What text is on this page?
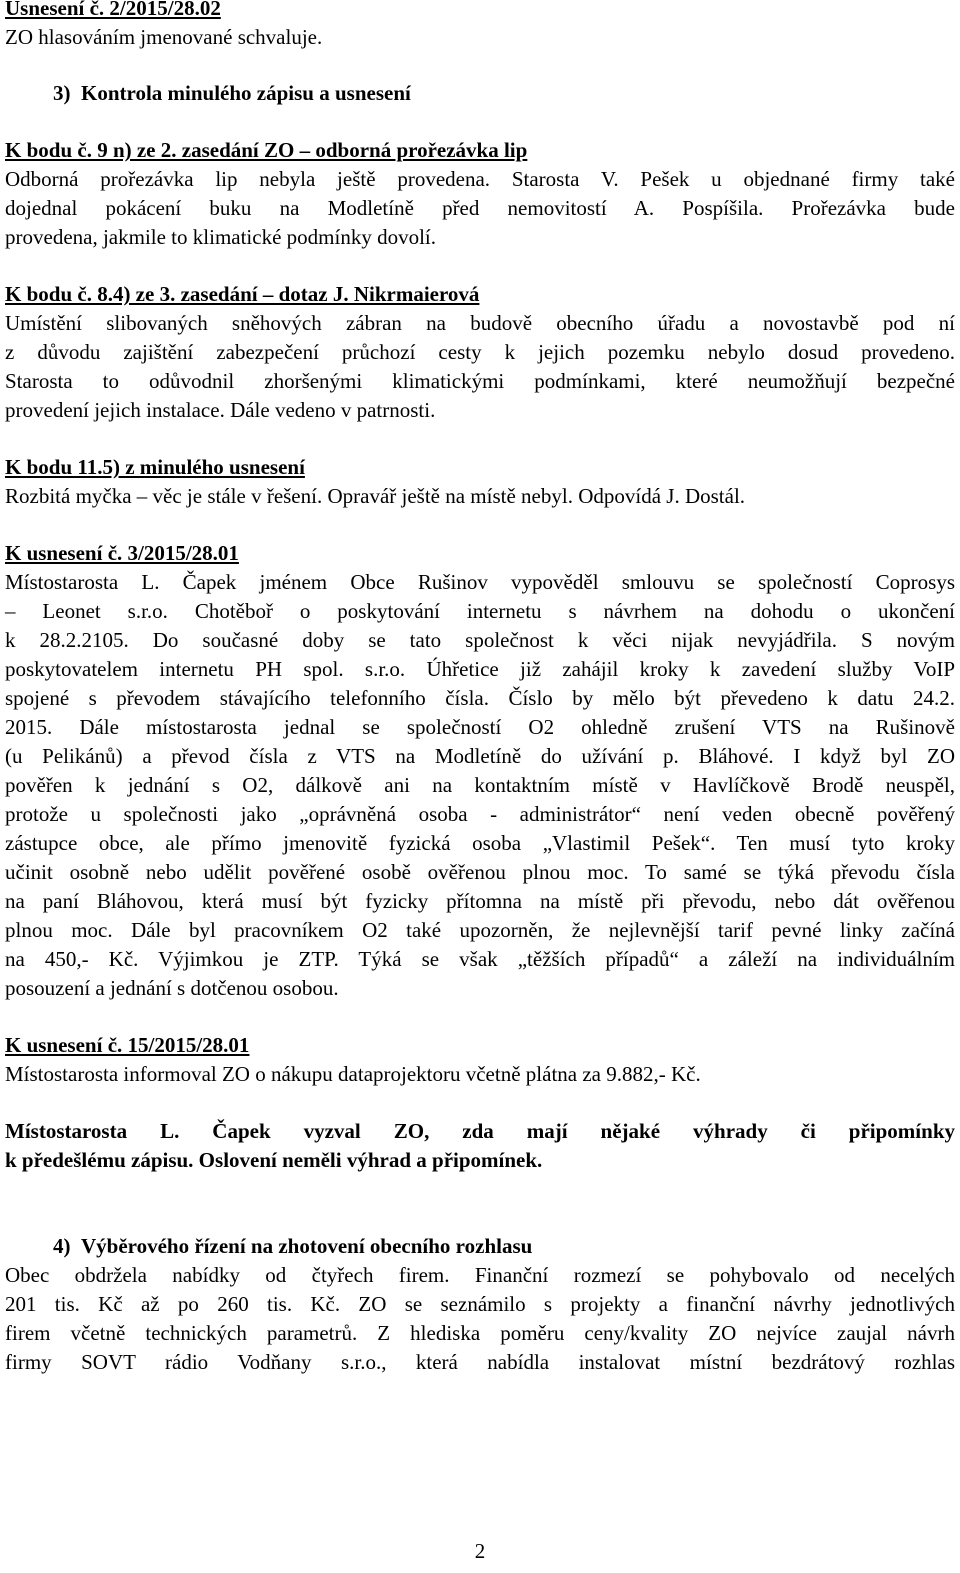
Usnesení č. 2/2015/28.02
ZO hlasováním jmenované schvaluje.
3)  Kontrola minulého zápisu a usnesení
K bodu č. 9 n) ze 2. zasedání ZO – odborná prořezávka lip
Odborná prořezávka lip nebyla ještě provedena. Starosta V. Pešek u objednané firmy také
dojednal pokácení buku na Modletíně před nemovitostí A. Pospíšila. Prořezávka bude
provedena, jakmile to klimatické podmínky dovolí.
K bodu č. 8.4) ze 3. zasedání – dotaz J. Nikrmaierová
Umístění slibovaných sněhových zábran na budově obecního úřadu a novostavbě pod ní
z důvodu zajištění zabezpečení průchozí cesty k jejich pozemku nebylo dosud provedeno.
Starosta to odůvodnil zhoršenými klimatickými podmínkami, které neumožňují bezpečné
provedení jejich instalace. Dále vedeno v patrnosti.
K bodu 11.5) z minulého usnesení
Rozbitá myčka – věc je stále v řešení. Opravář ještě na místě nebyl. Odpovídá J. Dostál.
K usnesení č. 3/2015/28.01
Místostarosta L. Čapek jménem Obce Rušinov vypověděl smlouvu se společností Coprosys
– Leonet s.r.o. Chotěboř o poskytování internetu s návrhem na dohodu o ukončení
k 28.2.2105. Do současné doby se tato společnost k věci nijak nevyjádřila. S novým
poskytovatelem internetu PH spol. s.r.o. Úhřetice již zahájil kroky k zavedení služby VoIP
spojené s převodem stávajícího telefonního čísla. Číslo by mělo být převedeno k datu 24.2.
2015. Dále místostarosta jednal se společností O2 ohledně zrušení VTS na Rušinově
(u Pelikánů) a převod čísla z VTS na Modletíně do užívání p. Bláhové. I když byl ZO
pověřen k jednání s O2, dálkově ani na kontaktním místě v Havlíčkově Brodě neuspěl,
protože u společnosti jako „oprávněná osoba - administrátor“ není veden obecně pověřený
zástupce obce, ale přímo jmenovitě fyzická osoba „Vlastimil Pešek“. Ten musí tyto kroky
učinit osobně nebo udělit pověřené osobě ověřenou plnou moc. To samé se týká převodu čísla
na paní Bláhovou, která musí být fyzicky přítomna na místě při převodu, nebo dát ověřenou
plnou moc. Dále byl pracovníkem O2 také upozorněn, že nejlevnější tarif pevné linky začíná
na 450,- Kč. Výjimkou je ZTP. Týká se však „těžších případů“ a záleží na individuálním
posouzení a jednání s dotčenou osobou.
K usnesení č. 15/2015/28.01
Místostarosta informoval ZO o nákupu dataprojektoru včetně plátna za 9.882,- Kč.
Místostarosta L. Čapek vyzval ZO, zda mají nějaké výhrady či připomínky
k předešlému zápisu. Oslovení neměli výhrad a připomínek.
4)  Výběrového řízení na zhotovení obecního rozhlasu
Obec obdržela nabídky od čtyřech firem. Finanční rozmezí se pohybovalo od necelých
201 tis. Kč až po 260 tis. Kč. ZO se seznámilo s projekty a finanční návrhy jednotlivých
firem včetně technických parametrů. Z hlediska poměru ceny/kvality ZO nejvíce zaujal návrh
firmy SOVT rádio Vodňany s.r.o., která nabídla instalovat místní bezdrátový rozhlas
2
